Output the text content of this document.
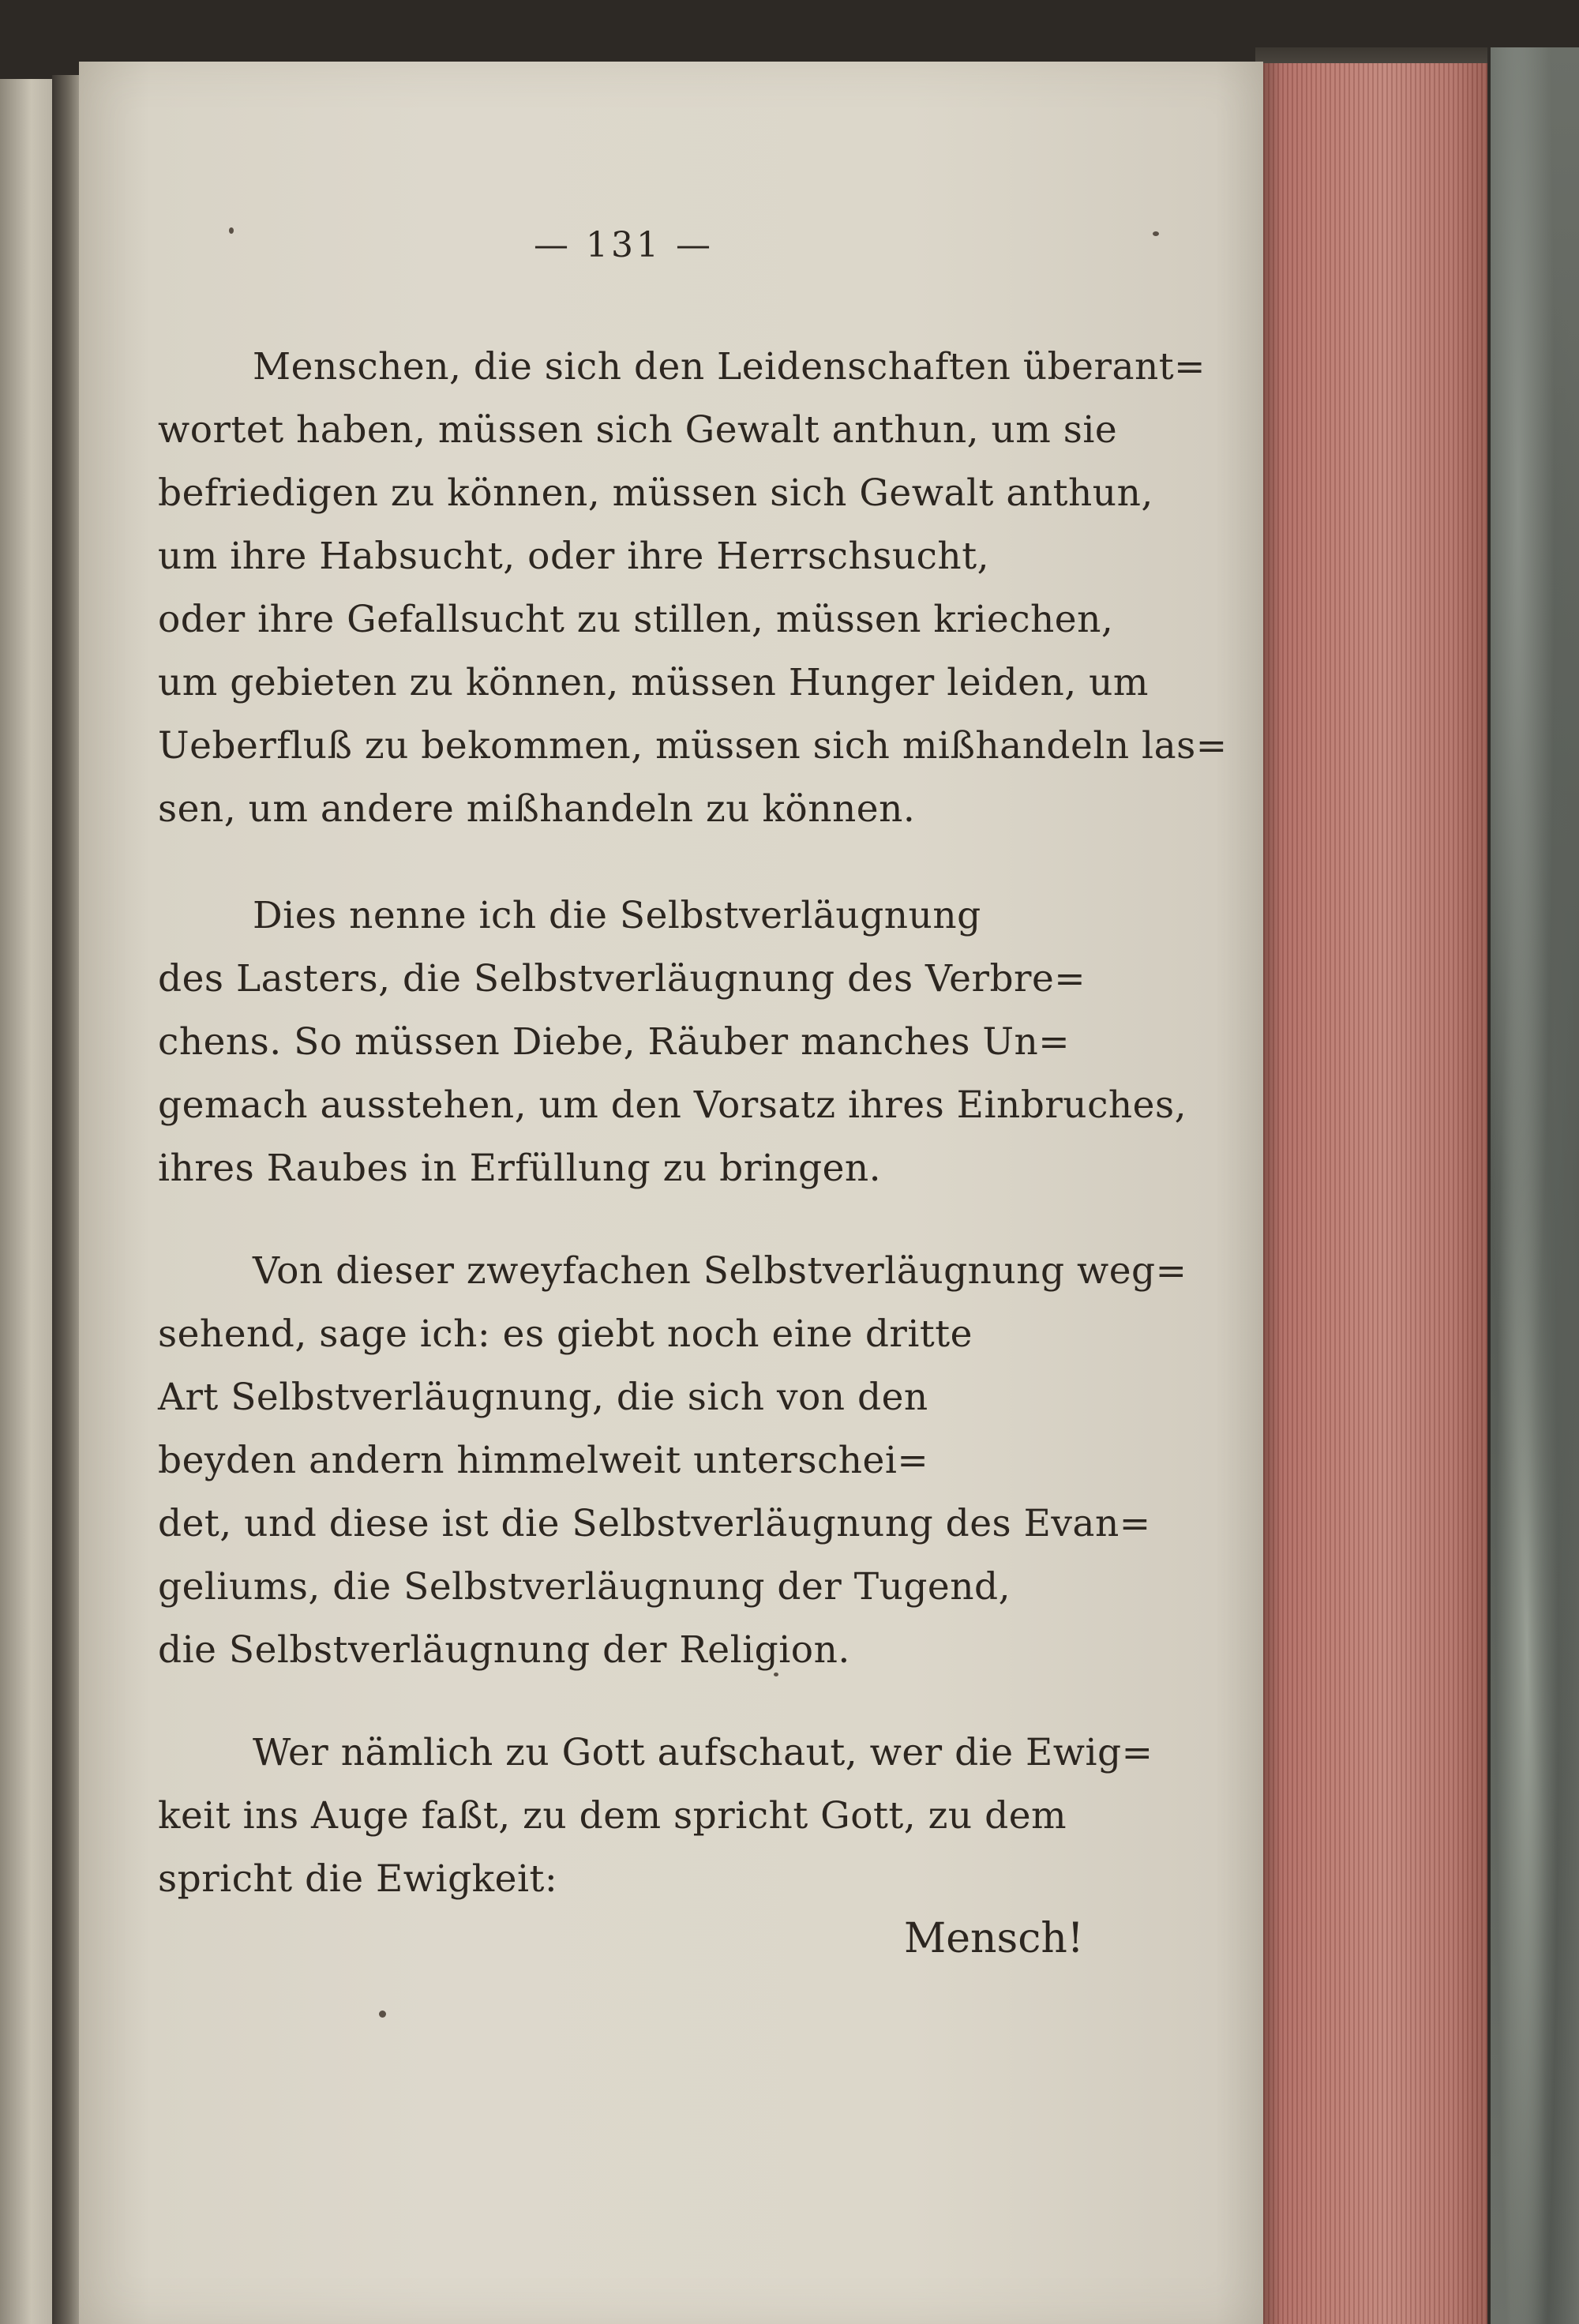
— 131 —
Menschen, die sich den Leidenschaften überant=
wortet haben, müssen sich Gewalt anthun, um sie
befriedigen zu können, müssen sich Gewalt anthun,
um ihre Habsucht, oder ihre Herrschsucht,
oder ihre Gefallsucht zu stillen, müssen kriechen,
um gebieten zu können, müssen Hunger leiden, um
Ueberfluß zu bekommen, müssen sich mißhandeln las=
sen, um andere mißhandeln zu können.
Dies nenne ich die Selbstverläugnung
des Lasters, die Selbstverläugnung des Verbre=
chens. So müssen Diebe, Räuber manches Un=
gemach ausstehen, um den Vorsatz ihres Einbruches,
ihres Raubes in Erfüllung zu bringen.
Von dieser zweyfachen Selbstverläugnung weg=
sehend, sage ich: es giebt noch eine dritte
Art Selbstverläugnung, die sich von den
beyden andern himmelweit unterschei=
det, und diese ist die Selbstverläugnung des Evan=
geliums, die Selbstverläugnung der Tugend,
die Selbstverläugnung der Religion.
Wer nämlich zu Gott aufschaut, wer die Ewig=
keit ins Auge faßt, zu dem spricht Gott, zu dem
spricht die Ewigkeit:
Mensch!
